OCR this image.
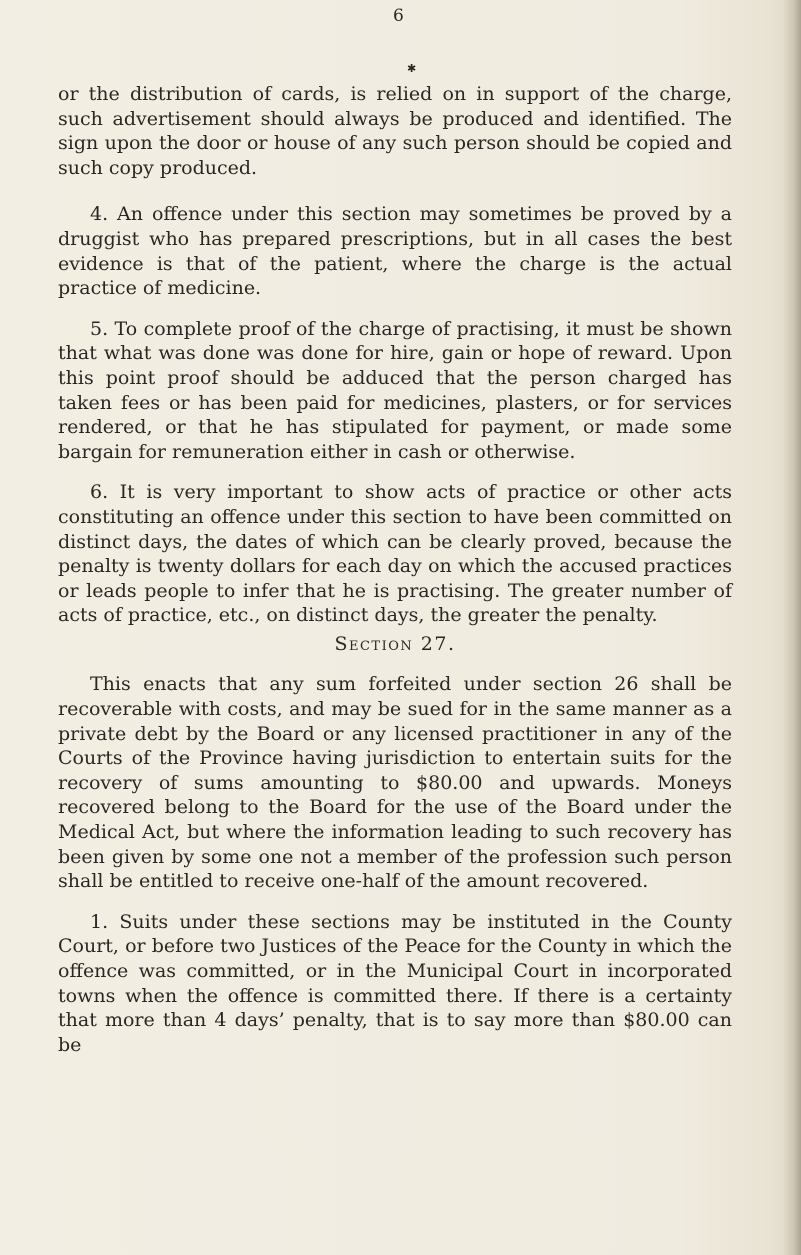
6
✱

or the distribution of cards, is relied on in support of the charge, such advertisement should always be produced and identified. The sign upon the door or house of any such person should be copied and such copy produced.

4. An offence under this section may sometimes be proved by a druggist who has prepared prescriptions, but in all cases the best evidence is that of the patient, where the charge is the actual practice of medicine.

5. To complete proof of the charge of practising, it must be shown that what was done was done for hire, gain or hope of reward. Upon this point proof should be adduced that the person charged has taken fees or has been paid for medicines, plasters, or for services rendered, or that he has stipulated for payment, or made some bargain for remuneration either in cash or otherwise.

6. It is very important to show acts of practice or other acts constituting an offence under this section to have been committed on distinct days, the dates of which can be clearly proved, because the penalty is twenty dollars for each day on which the accused practices or leads people to infer that he is practising. The greater number of acts of practice, etc., on distinct days, the greater the penalty.

Section 27.

This enacts that any sum forfeited under section 26 shall be recoverable with costs, and may be sued for in the same manner as a private debt by the Board or any licensed practitioner in any of the Courts of the Province having jurisdiction to entertain suits for the recovery of sums amounting to $80.00 and upwards. Moneys recovered belong to the Board for the use of the Board under the Medical Act, but where the information leading to such recovery has been given by some one not a member of the profession such person shall be entitled to receive one-half of the amount recovered.

1. Suits under these sections may be instituted in the County Court, or before two Justices of the Peace for the County in which the offence was committed, or in the Municipal Court in incorporated towns when the offence is committed there. If there is a certainty that more than 4 days’ penalty, that is to say more than $80.00 can be
